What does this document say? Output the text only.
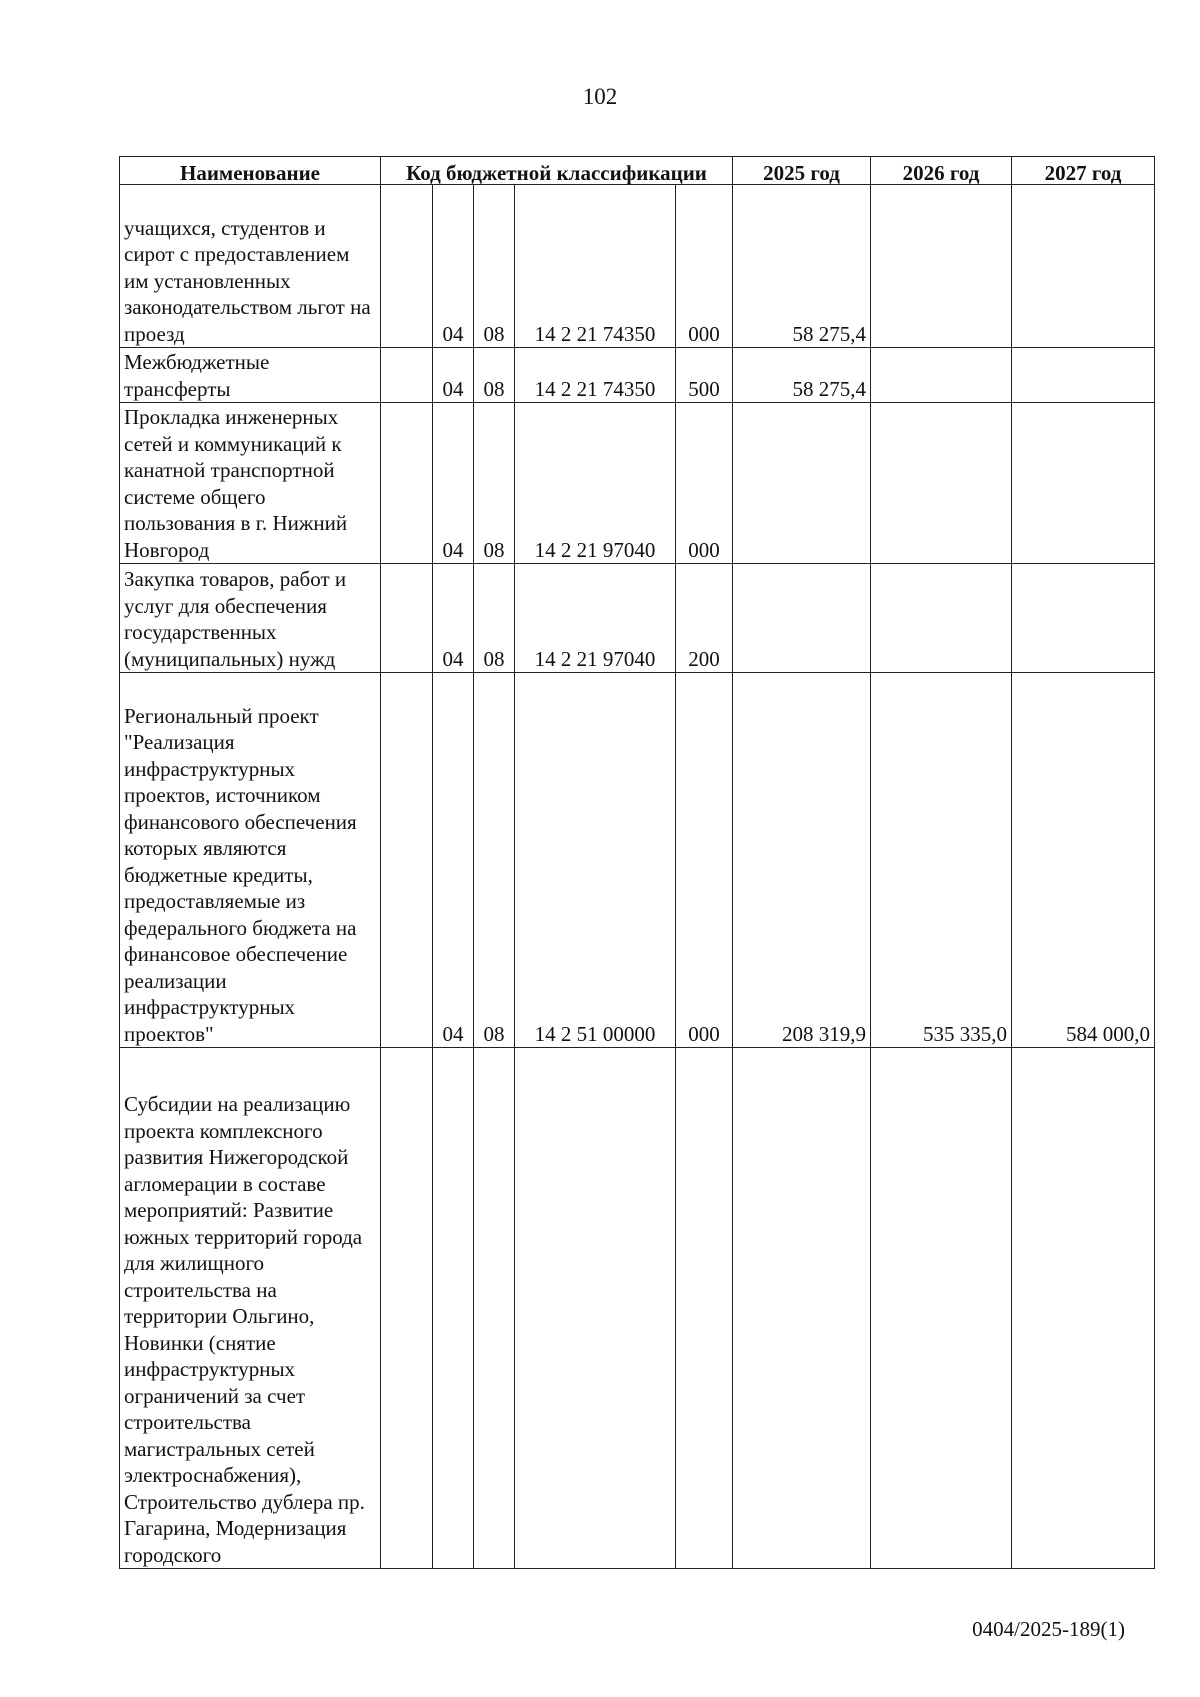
102
Наименование	Код бюджетной классификации					2025 год	2026 год	2027 год
учащихся, студентов и сирот с предоставлением им установленных законодательством льгот на проезд		04	08	14 2 21 74350	000	58 275,4		
Межбюджетные трансферты		04	08	14 2 21 74350	500	58 275,4		
Прокладка инженерных сетей и коммуникаций к канатной транспортной системе общего пользования в г. Нижний Новгород		04	08	14 2 21 97040	000			
Закупка товаров, работ и услуг для обеспечения государственных (муниципальных) нужд		04	08	14 2 21 97040	200			
Региональный проект "Реализация инфраструктурных проектов, источником финансового обеспечения которых являются бюджетные кредиты, предоставляемые из федерального бюджета на финансовое обеспечение реализации инфраструктурных проектов"		04	08	14 2 51 00000	000	208 319,9	535 335,0	584 000,0
Субсидии на реализацию проекта комплексного развития Нижегородской агломерации в составе мероприятий: Развитие южных территорий города для жилищного строительства на территории Ольгино, Новинки (снятие инфраструктурных ограничений за счет строительства магистральных сетей электроснабжения), Строительство дублера пр. Гагарина, Модернизация городского								
0404/2025-189(1)
